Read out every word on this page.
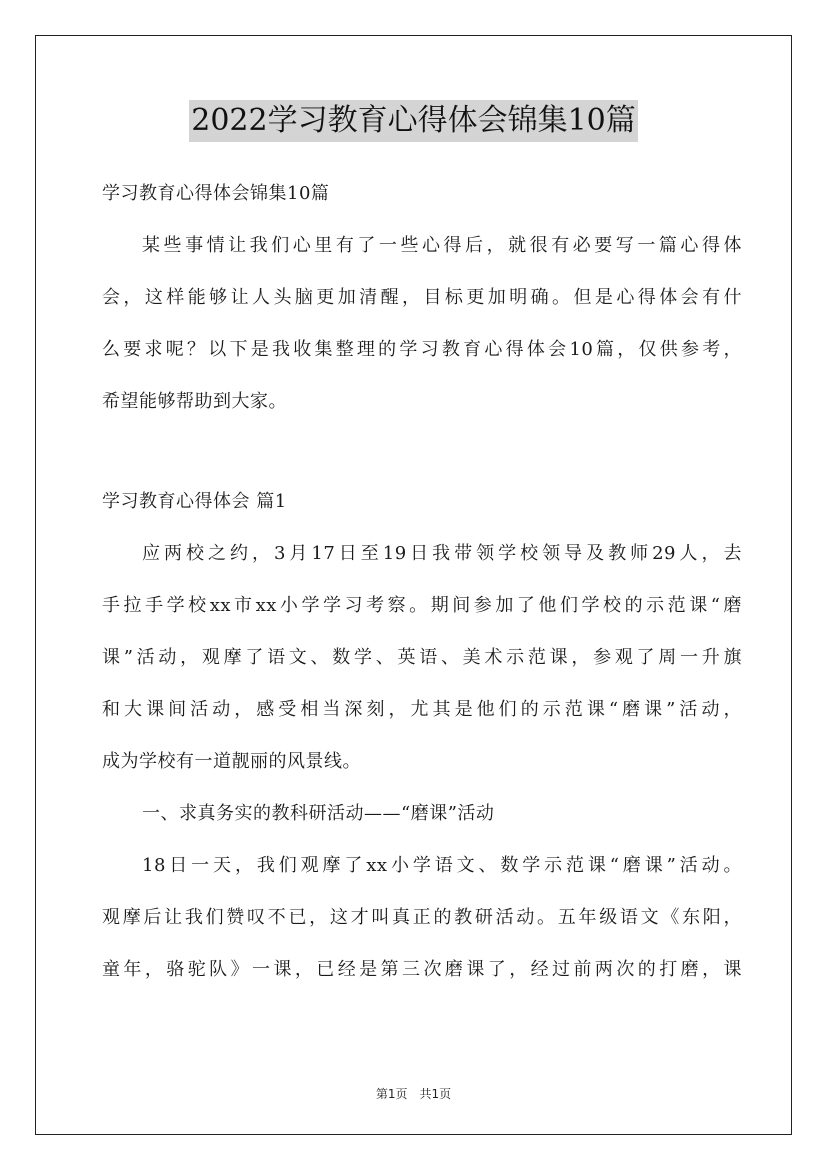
2022学习教育心得体会锦集10篇
学习教育心得体会锦集10篇
某些事情让我们心里有了一些心得后，就很有必要写一篇心得体
会，这样能够让人头脑更加清醒，目标更加明确。但是心得体会有什
么要求呢？以下是我收集整理的学习教育心得体会10篇，仅供参考，
希望能够帮助到大家。
学习教育心得体会 篇1
应两校之约，3月17日至19日我带领学校领导及教师29人，去
手拉手学校xx市xx小学学习考察。期间参加了他们学校的示范课“磨
课”活动，观摩了语文、数学、英语、美术示范课，参观了周一升旗
和大课间活动，感受相当深刻，尤其是他们的示范课“磨课”活动，
成为学校有一道靓丽的风景线。
一、求真务实的教科研活动——“磨课”活动
18日一天，我们观摩了xx小学语文、数学示范课“磨课”活动。
观摩后让我们赞叹不已，这才叫真正的教研活动。五年级语文《东阳，
童年，骆驼队》一课，已经是第三次磨课了，经过前两次的打磨，课
第1页　共1页
